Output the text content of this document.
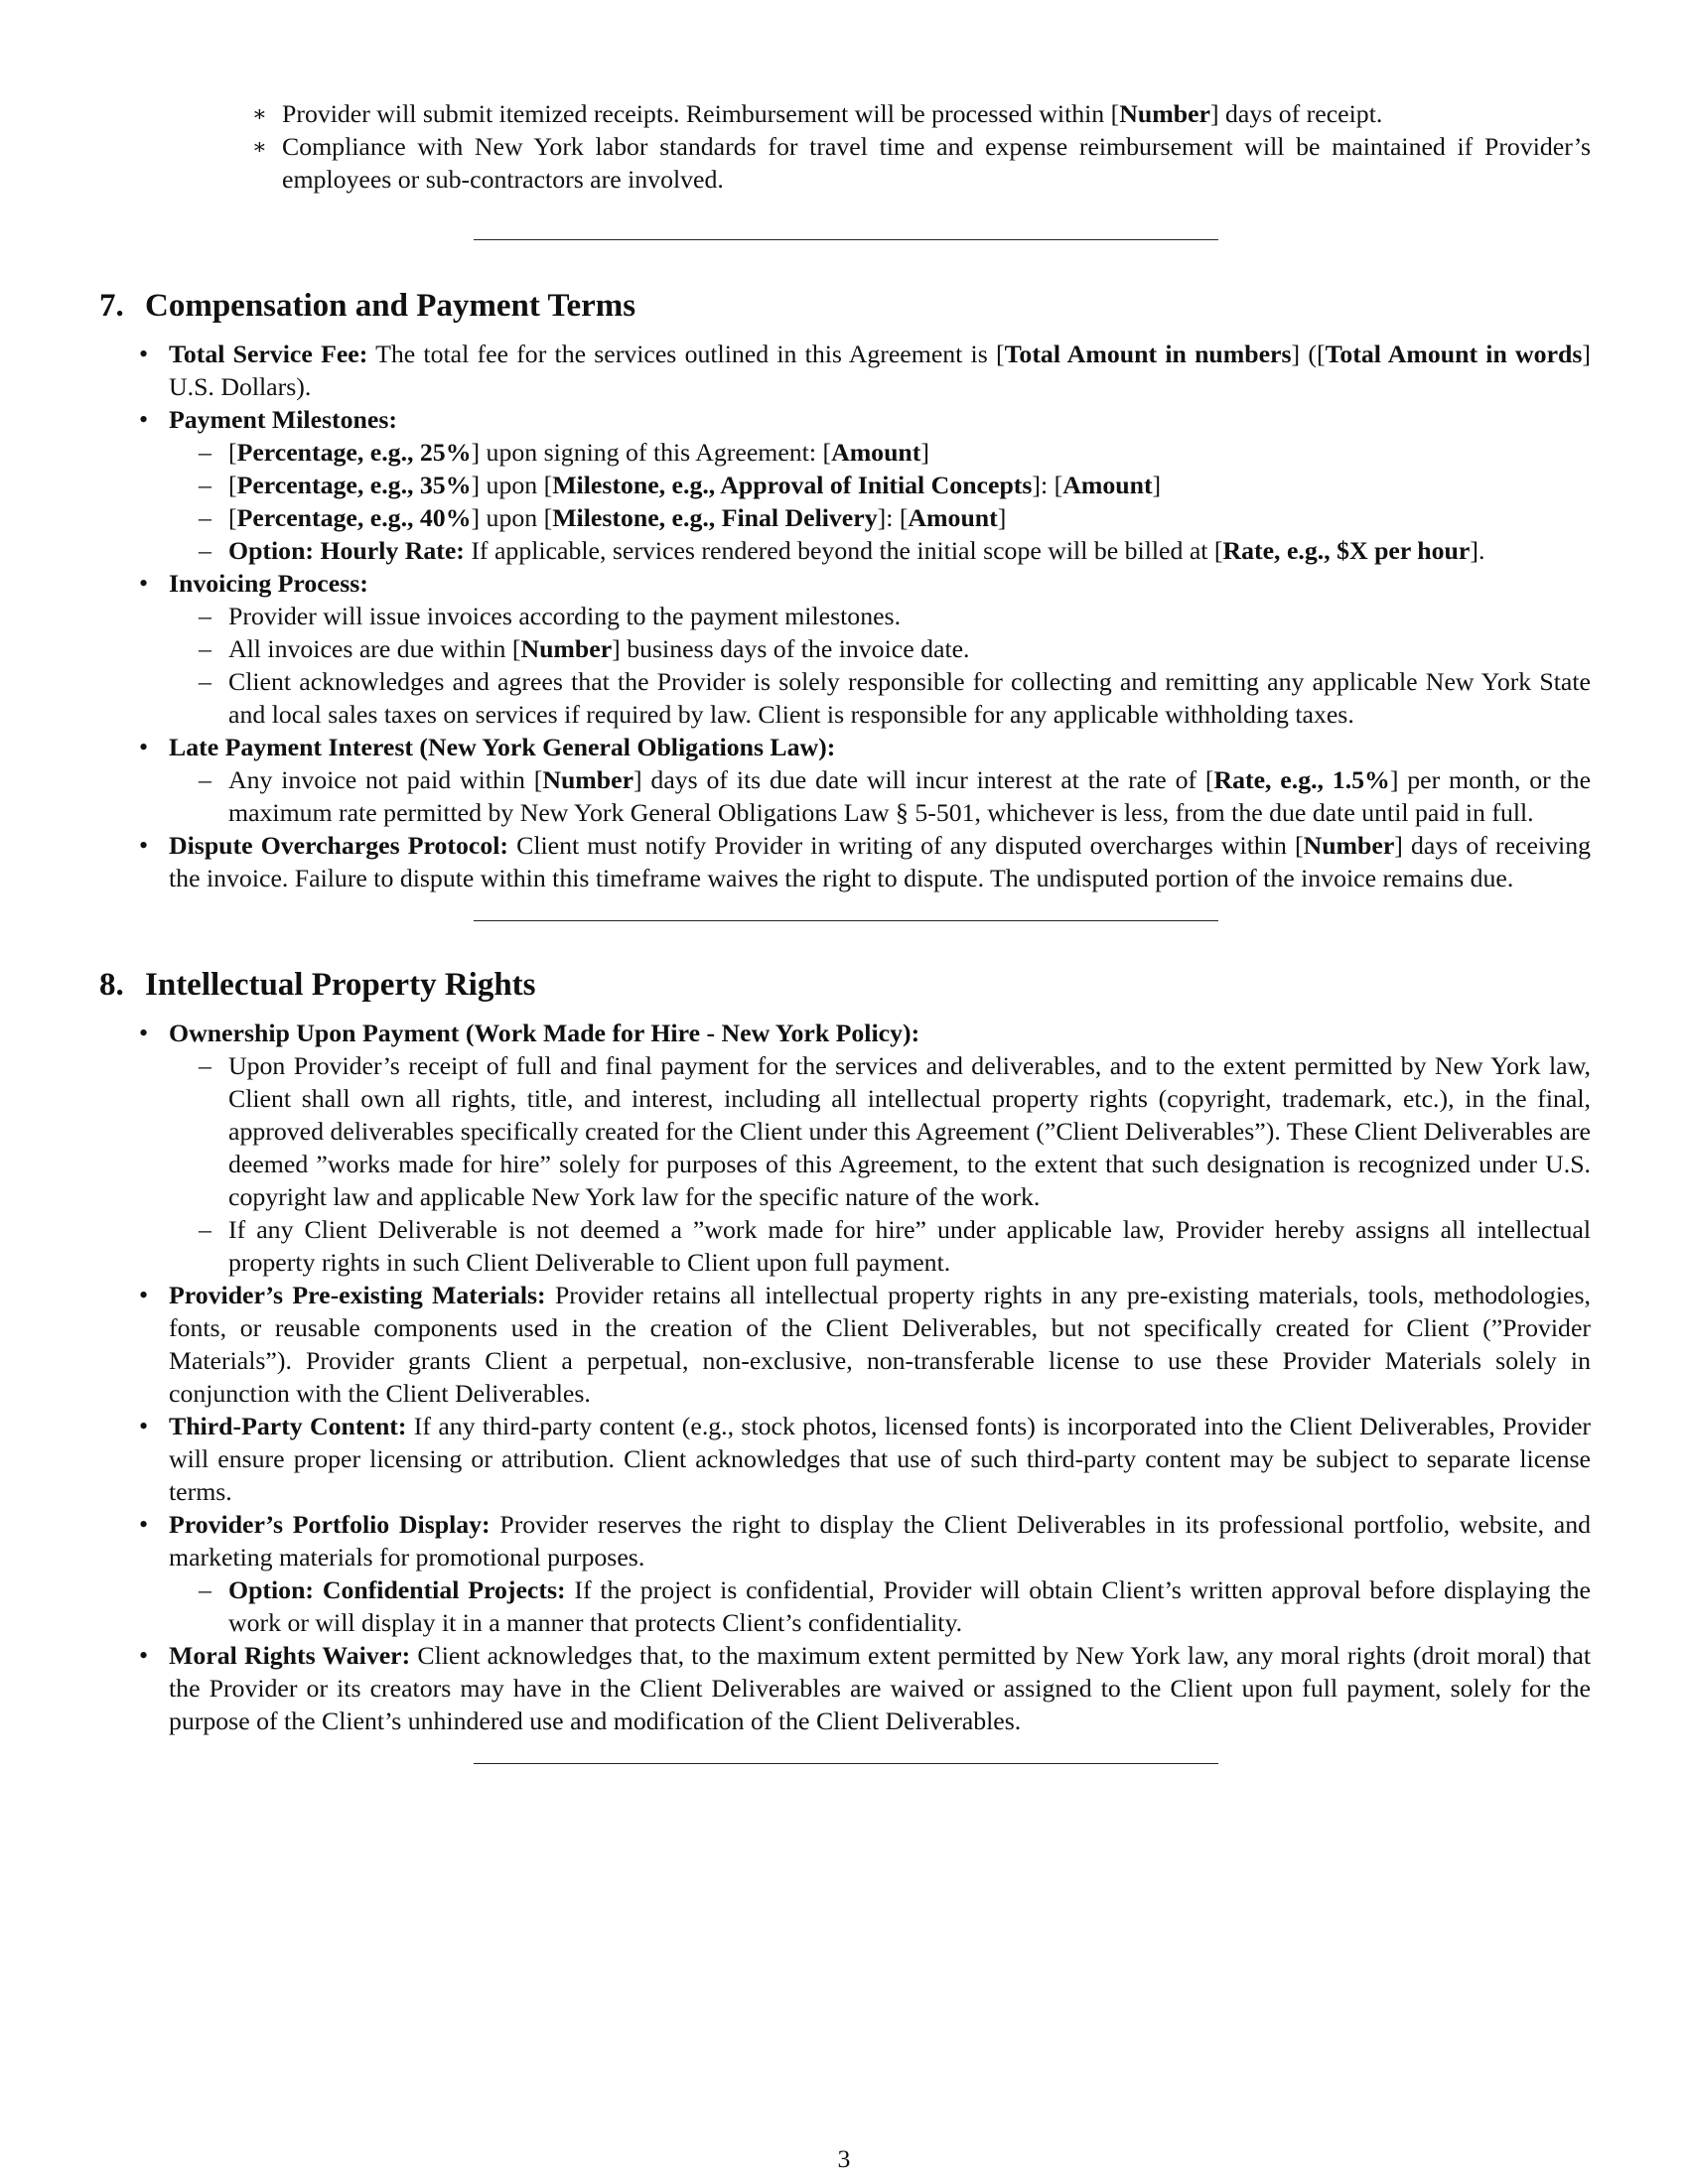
∗ Provider will submit itemized receipts. Reimbursement will be processed within [Number] days of receipt.
∗ Compliance with New York labor standards for travel time and expense reimbursement will be maintained if Provider’s employees or sub-contractors are involved.
7. Compensation and Payment Terms
• Total Service Fee: The total fee for the services outlined in this Agreement is [Total Amount in numbers] ([Total Amount in words] U.S. Dollars).
• Payment Milestones:
– [Percentage, e.g., 25%] upon signing of this Agreement: [Amount]
– [Percentage, e.g., 35%] upon [Milestone, e.g., Approval of Initial Concepts]: [Amount]
– [Percentage, e.g., 40%] upon [Milestone, e.g., Final Delivery]: [Amount]
– Option: Hourly Rate: If applicable, services rendered beyond the initial scope will be billed at [Rate, e.g., $X per hour].
• Invoicing Process:
– Provider will issue invoices according to the payment milestones.
– All invoices are due within [Number] business days of the invoice date.
– Client acknowledges and agrees that the Provider is solely responsible for collecting and remitting any applicable New York State and local sales taxes on services if required by law. Client is responsible for any applicable withholding taxes.
• Late Payment Interest (New York General Obligations Law):
– Any invoice not paid within [Number] days of its due date will incur interest at the rate of [Rate, e.g., 1.5%] per month, or the maximum rate permitted by New York General Obligations Law § 5-501, whichever is less, from the due date until paid in full.
• Dispute Overcharges Protocol: Client must notify Provider in writing of any disputed overcharges within [Number] days of receiving the invoice. Failure to dispute within this timeframe waives the right to dispute. The undisputed portion of the invoice remains due.
8. Intellectual Property Rights
• Ownership Upon Payment (Work Made for Hire - New York Policy):
– Upon Provider’s receipt of full and final payment for the services and deliverables, and to the extent permitted by New York law, Client shall own all rights, title, and interest, including all intellectual property rights (copyright, trademark, etc.), in the final, approved deliverables specifically created for the Client under this Agreement (”Client Deliverables”). These Client Deliverables are deemed ”works made for hire” solely for purposes of this Agreement, to the extent that such designation is recognized under U.S. copyright law and applicable New York law for the specific nature of the work.
– If any Client Deliverable is not deemed a ”work made for hire” under applicable law, Provider hereby assigns all intellectual property rights in such Client Deliverable to Client upon full payment.
• Provider’s Pre-existing Materials: Provider retains all intellectual property rights in any pre-existing materials, tools, methodologies, fonts, or reusable components used in the creation of the Client Deliverables, but not specifically created for Client (”Provider Materials”). Provider grants Client a perpetual, non-exclusive, non-transferable license to use these Provider Materials solely in conjunction with the Client Deliverables.
• Third-Party Content: If any third-party content (e.g., stock photos, licensed fonts) is incorporated into the Client Deliverables, Provider will ensure proper licensing or attribution. Client acknowledges that use of such third-party content may be subject to separate license terms.
• Provider’s Portfolio Display: Provider reserves the right to display the Client Deliverables in its professional portfolio, website, and marketing materials for promotional purposes.
– Option: Confidential Projects: If the project is confidential, Provider will obtain Client’s written approval before displaying the work or will display it in a manner that protects Client’s confidentiality.
• Moral Rights Waiver: Client acknowledges that, to the maximum extent permitted by New York law, any moral rights (droit moral) that the Provider or its creators may have in the Client Deliverables are waived or assigned to the Client upon full payment, solely for the purpose of the Client’s unhindered use and modification of the Client Deliverables.
3
